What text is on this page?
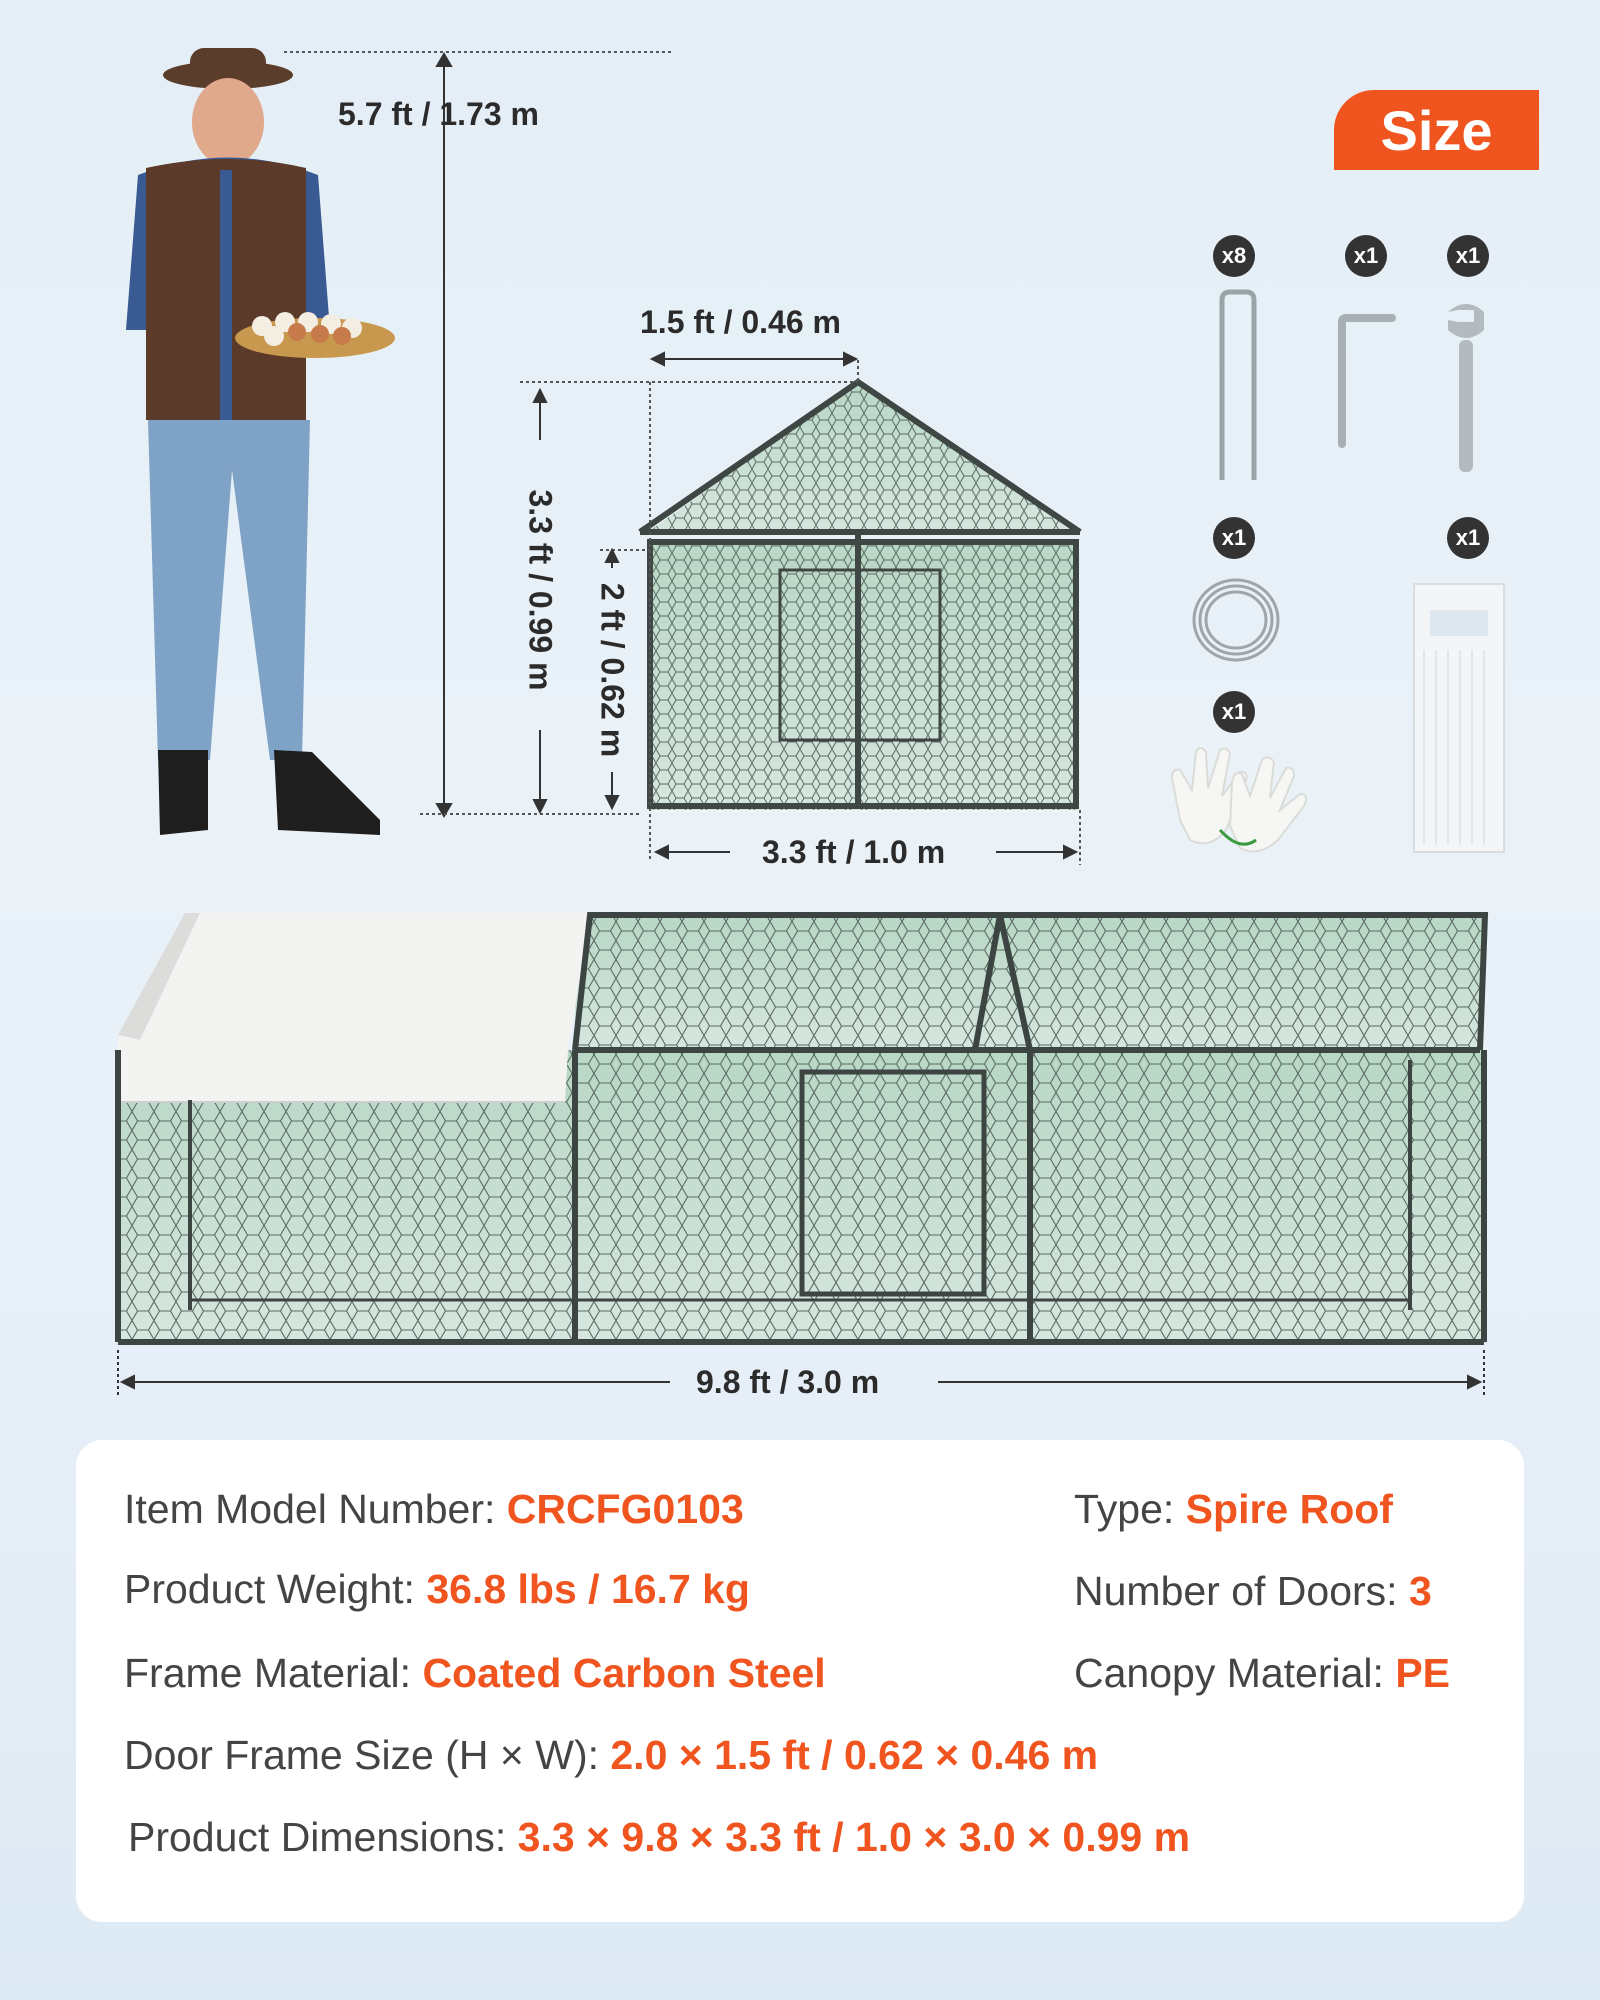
5.7 ft / 1.73 m
1.5 ft / 0.46 m
3.3 ft / 0.99 m 2 ft / 0.62 m
3.3 ft / 1.0 m
9.8 ft / 3.0 m
Size
x8	x1	x1
x1	x1
x1
Item Model Number: CRCFG0103	Type: Spire Roof
Product Weight: 36.8 lbs / 16.7 kg	Number of Doors: 3
Frame Material: Coated Carbon Steel	Canopy Material: PE
Door Frame Size (H × W): 2.0 × 1.5 ft / 0.62 × 0.46 m
Product Dimensions: 3.3 × 9.8 × 3.3 ft / 1.0 × 3.0 × 0.99 m
